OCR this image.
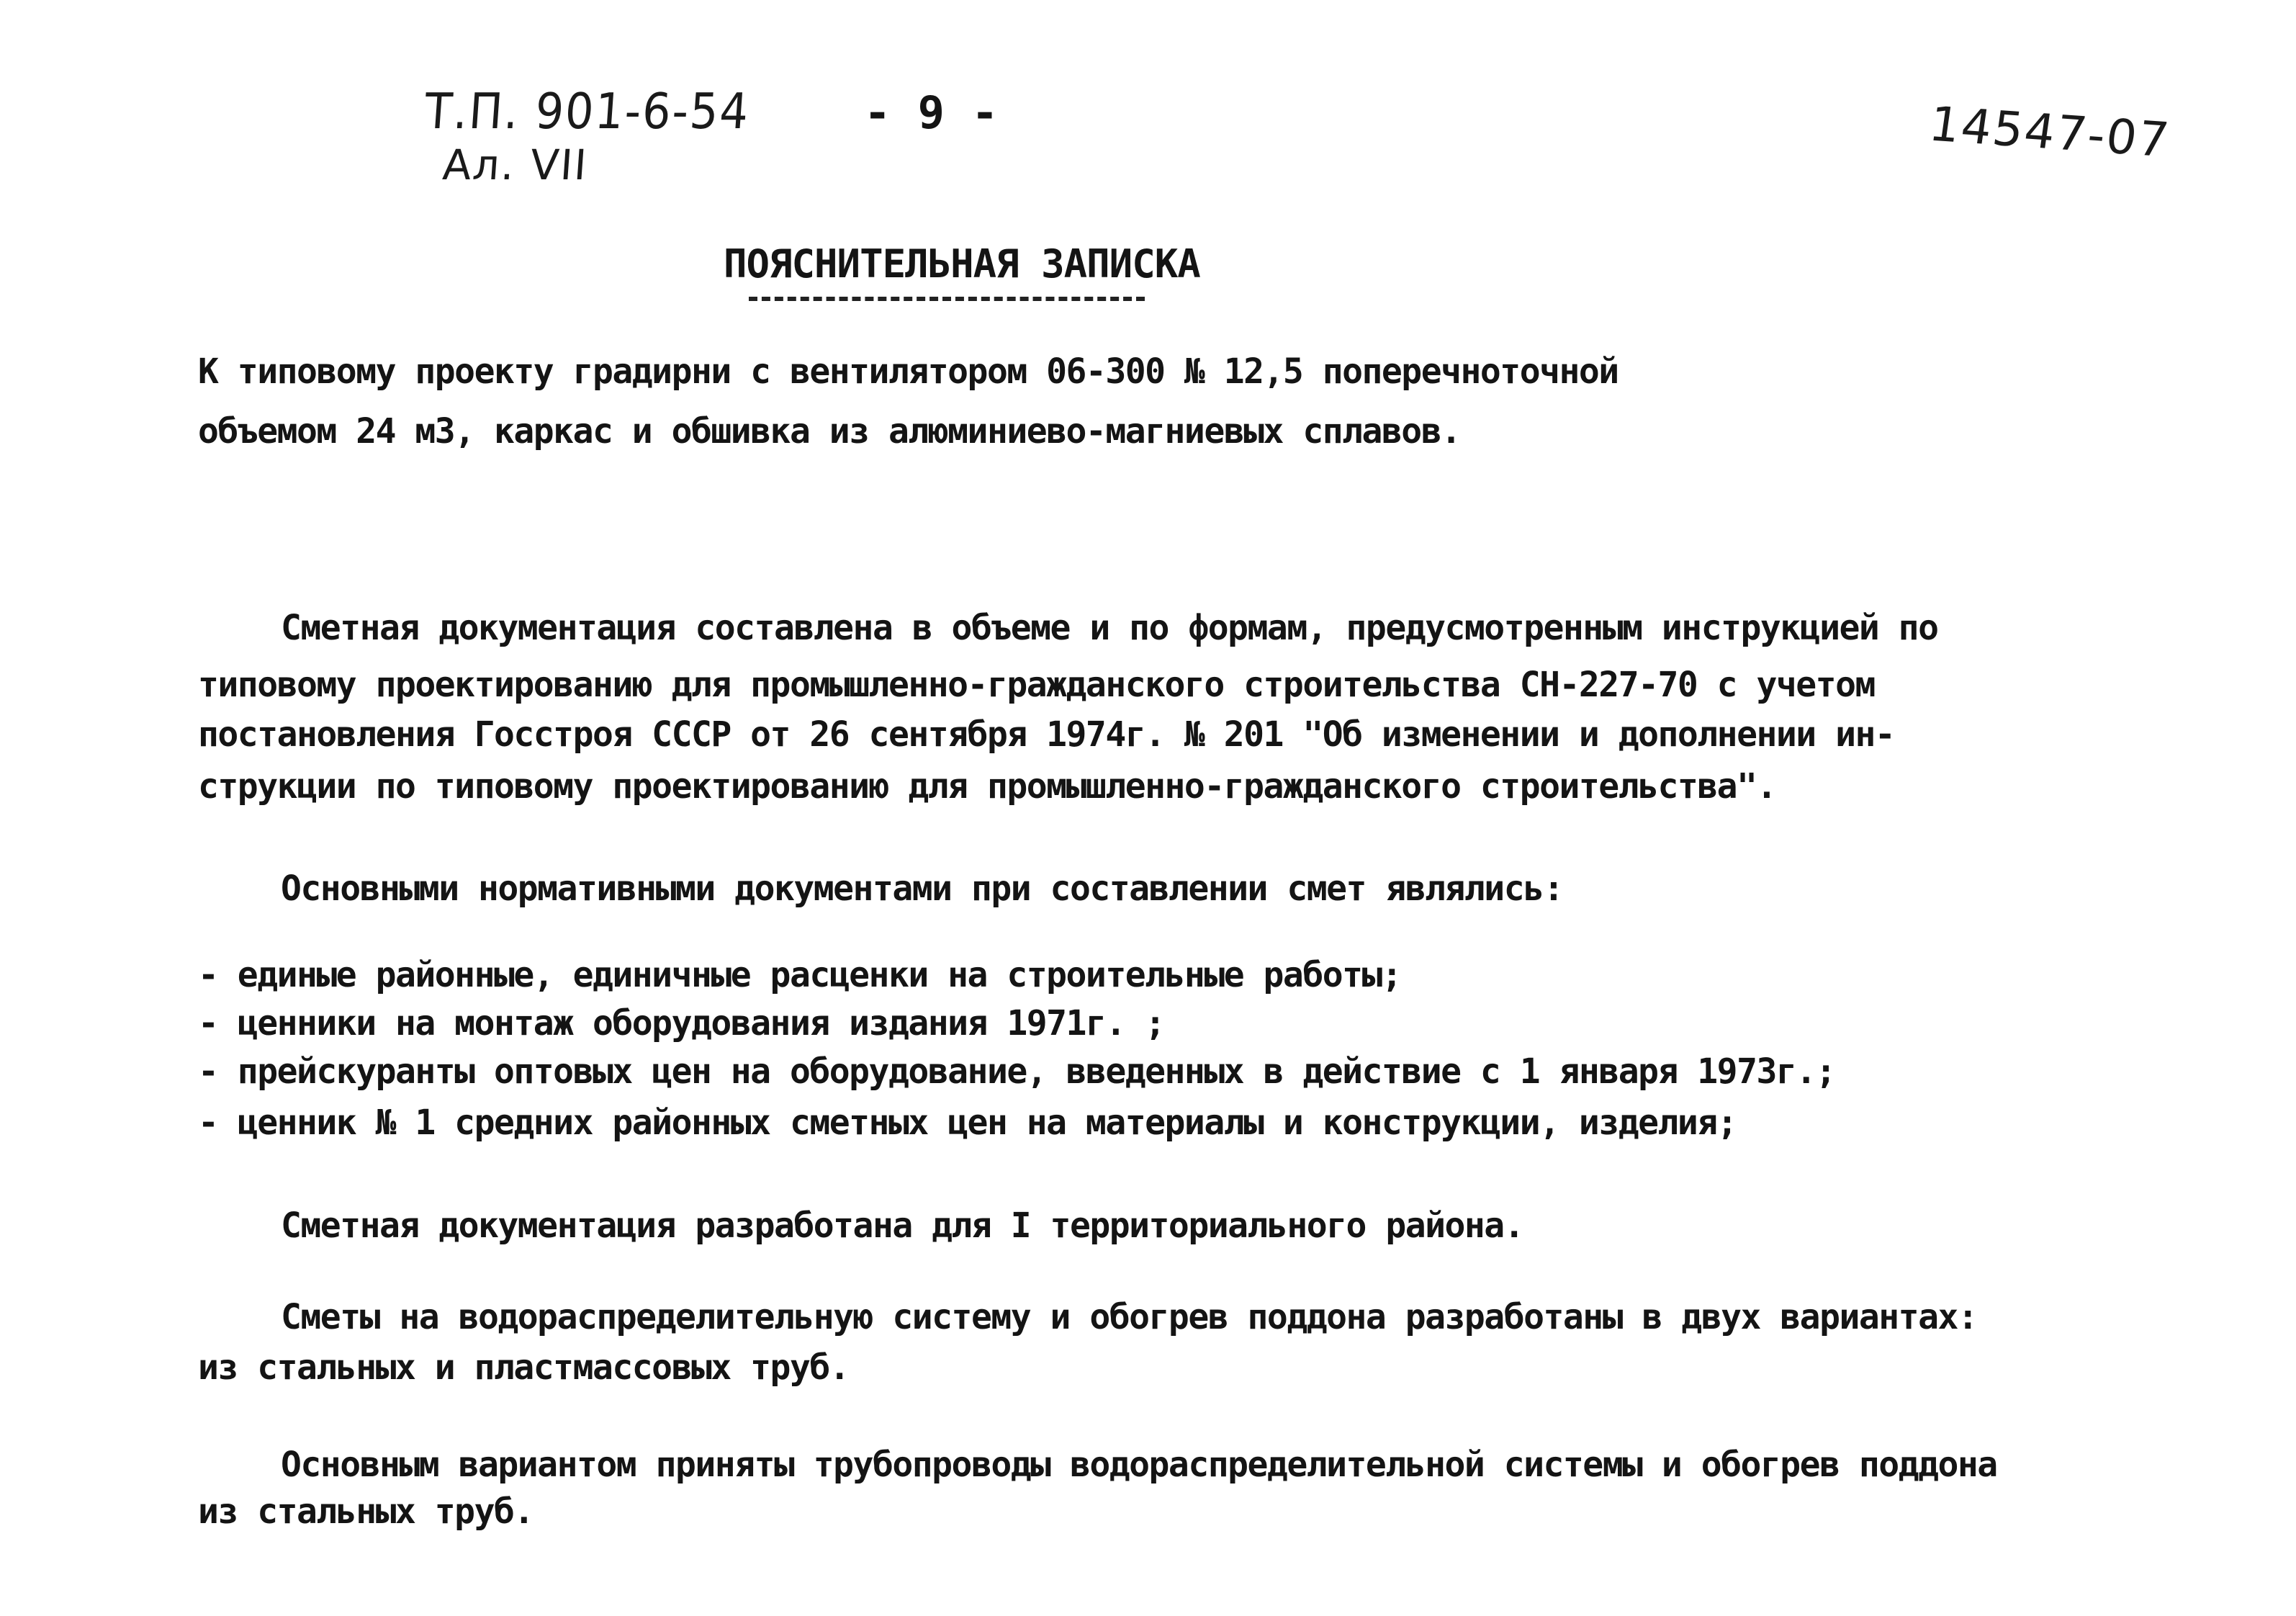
Т.П. 901-6-54
Ал. VII
- 9 -	14547-07
ПОЯСНИТЕЛЬНАЯ ЗАПИСКА
К типовому проекту градирни с вентилятором 06-300 № 12,5 поперечноточной
объемом 24 м3, каркас и обшивка из алюминиево-магниевых сплавов.
Сметная документация составлена в объеме и по формам, предусмотренным инструкцией по
типовому проектированию для промышленно-гражданского строительства СН-227-70 с учетом
постановления Госстроя СССР от 26 сентября 1974г. № 201 "Об изменении и дополнении ин-
струкции по типовому проектированию для промышленно-гражданского строительства".
Основными нормативными документами при составлении смет являлись:
- единые районные, единичные расценки на строительные работы;
- ценники на монтаж оборудования издания 1971г. ;
- прейскуранты оптовых цен на оборудование, введенных в действие с 1 января 1973г.;
- ценник № 1 средних районных сметных цен на материалы и конструкции, изделия;
Сметная документация разработана для I территориального района.
Сметы на водораспределительную систему и обогрев поддона разработаны в двух вариантах:
из стальных и пластмассовых труб.
Основным вариантом приняты трубопроводы водораспределительной системы и обогрев поддона
из стальных труб.
